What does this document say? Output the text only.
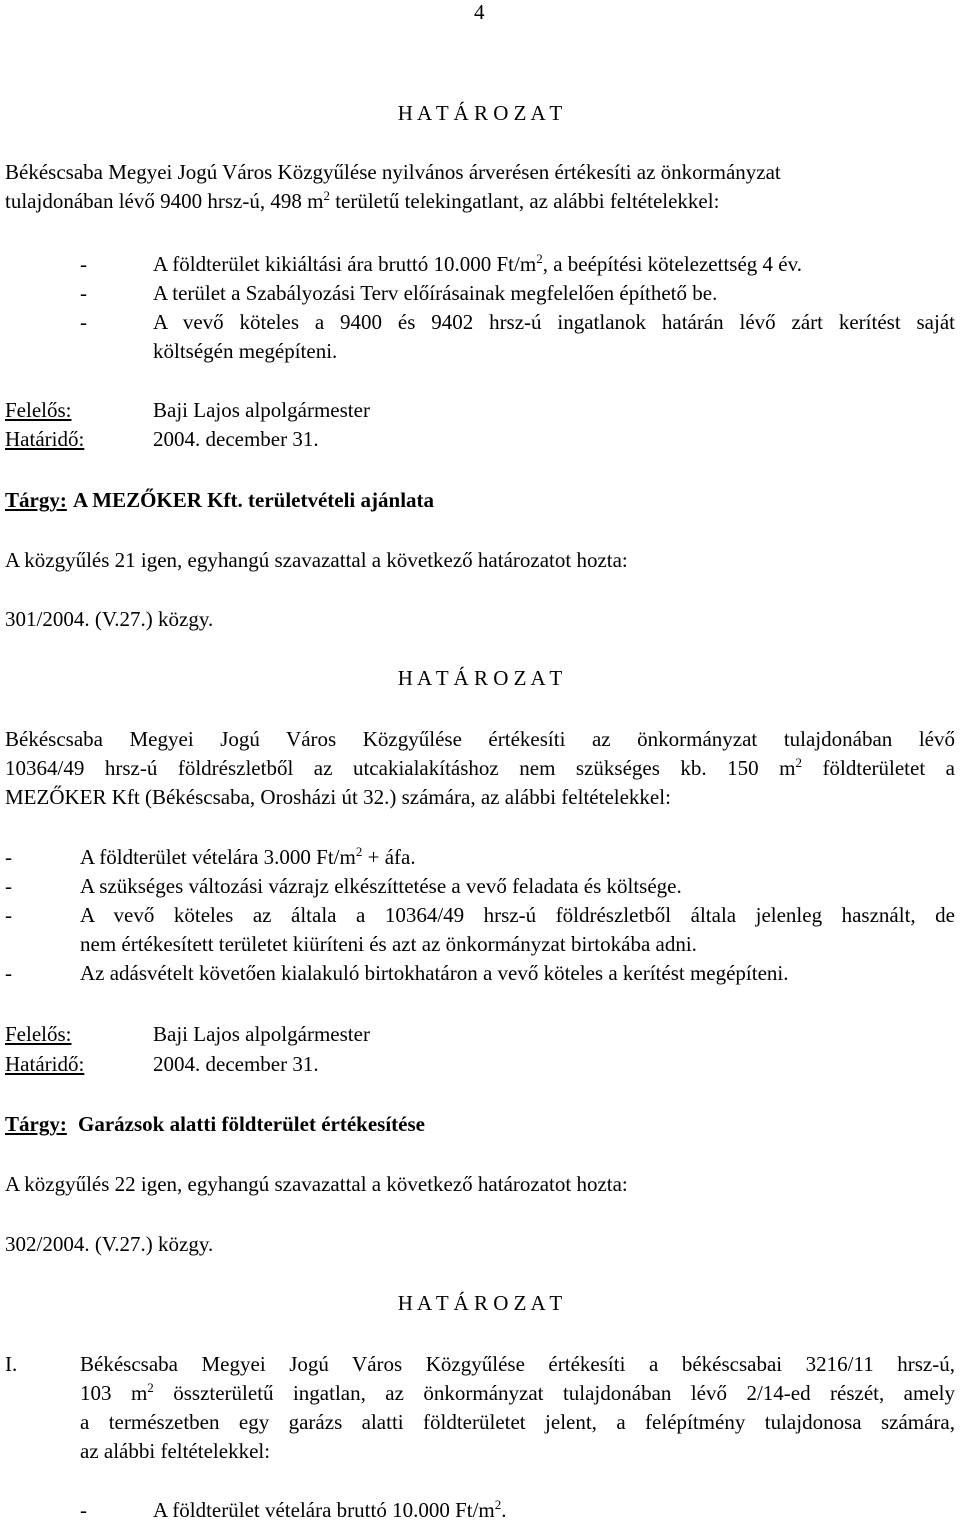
4
H A T Á R O Z A T
Békéscsaba Megyei Jogú Város Közgyűlése nyilvános árverésen értékesíti az önkormányzat
tulajdonában lévő 9400 hrsz-ú, 498 $m^2$ területű telekingatlant, az alábbi feltételekkel:
-	A földterület kikiáltási ára bruttó 10.000 $Ft/m^2$, a beépítési kötelezettség 4 év.
-	A terület a Szabályozási Terv előírásainak megfelelően építhető be.
-	A vevő köteles a 9400 és 9402 hrsz-ú ingatlanok határán lévő zárt kerítést saját
költségén megépíteni.
Felelős:	Baji Lajos alpolgármester
Határidő:	2004. december 31.
Tárgy: A MEZŐKER Kft. területvételi ajánlata
A közgyűlés 21 igen, egyhangú szavazattal a következő határozatot hozta:
301/2004. (V.27.) közgy.
H A T Á R O Z A T
Békéscsaba Megyei Jogú Város Közgyűlése értékesíti az önkormányzat tulajdonában lévő
10364/49 hrsz-ú földrészletből az utcakialakításhoz nem szükséges kb. 150 $m^2$ földterületet a
MEZŐKER Kft (Békéscsaba, Orosházi út 32.) számára, az alábbi feltételekkel:
-	A földterület vételára 3.000 $Ft/m^2$ + áfa.
-	A szükséges változási vázrajz elkészíttetése a vevő feladata és költsége.
-	A vevő köteles az általa a 10364/49 hrsz-ú földrészletből általa jelenleg használt, de
nem értékesített területet kiüríteni és azt az önkormányzat birtokába adni.
-	Az adásvételt követően kialakuló birtokhatáron a vevő köteles a kerítést megépíteni.
Felelős:	Baji Lajos alpolgármester
Határidő:	2004. december 31.
Tárgy: Garázsok alatti földterület értékesítése
A közgyűlés 22 igen, egyhangú szavazattal a következő határozatot hozta:
302/2004. (V.27.) közgy.
H A T Á R O Z A T
I.	Békéscsaba Megyei Jogú Város Közgyűlése értékesíti a békéscsabai 3216/11 hrsz-ú,
103 $m^2$ összterületű ingatlan, az önkormányzat tulajdonában lévő 2/14-ed részét, amely
a természetben egy garázs alatti földterületet jelent, a felépítmény tulajdonosa számára,
az alábbi feltételekkel:
-	A földterület vételára bruttó 10.000 $Ft/m^2$.
